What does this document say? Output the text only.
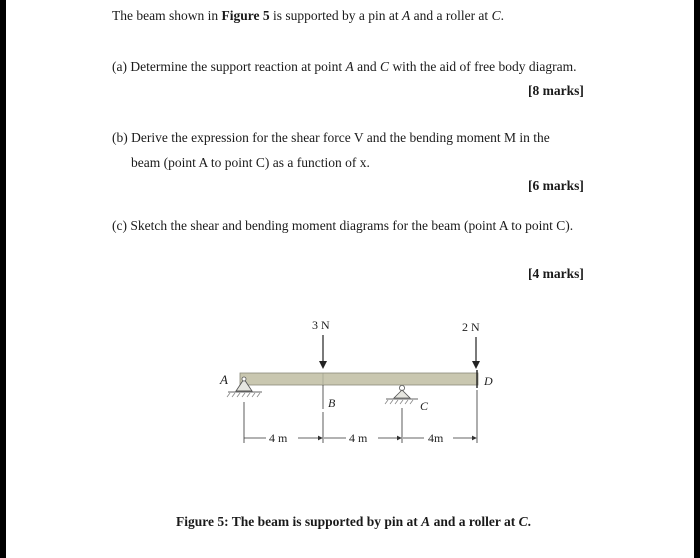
The beam shown in Figure 5 is supported by a pin at A and a roller at C.
(a) Determine the support reaction at point A and C with the aid of free body diagram.
[8 marks]
(b) Derive the expression for the shear force V and the bending moment M in the
beam (point A to point C) as a function of x.
[6 marks]
(c) Sketch the shear and bending moment diagrams for the beam (point A to point C).
[4 marks]
3 N	2 N
A
B	C
D
4 m	4 m	4m
Figure 5: The beam is supported by pin at A and a roller at C.
